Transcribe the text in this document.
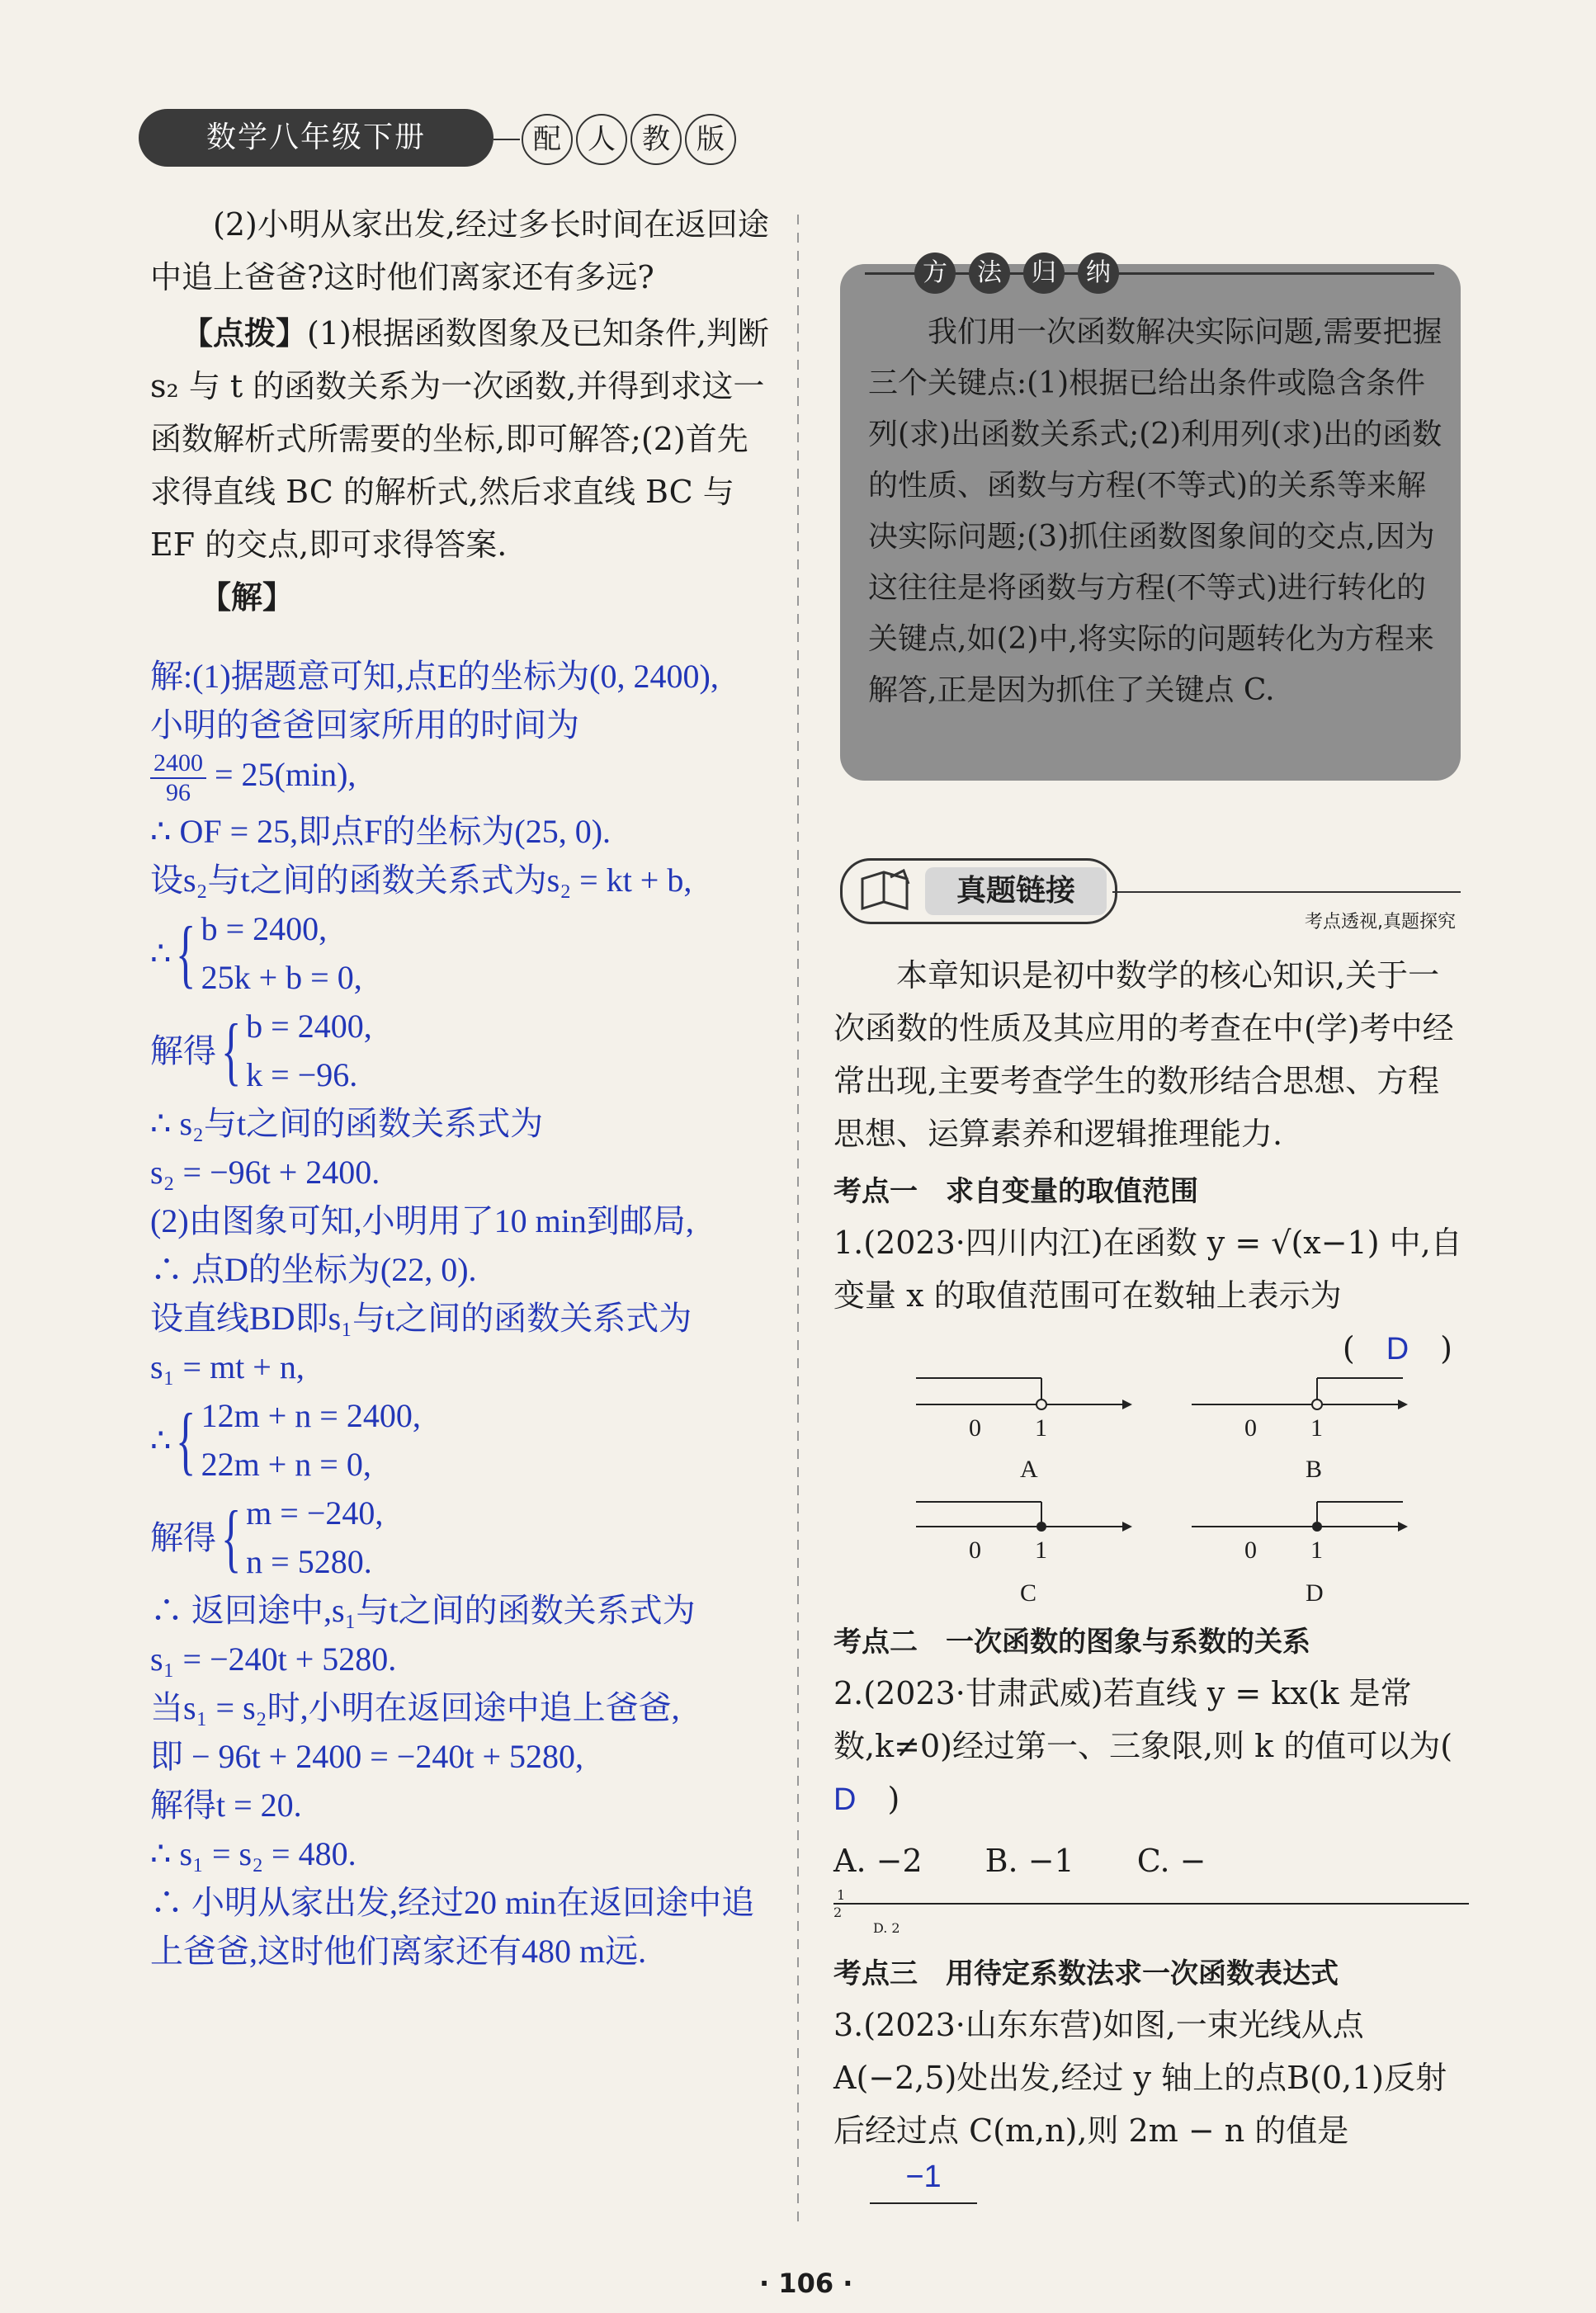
数学八年级下册	配 人 教 版

(2)小明从家出发,经过多长时间在返回途中追上爸爸?这时他们离家还有多远?

【点拨】(1)根据函数图象及已知条件,判断 s₂ 与 t 的函数关系为一次函数,并得到求这一函数解析式所需要的坐标,即可解答;(2)首先求得直线 BC 的解析式,然后求直线 BC 与 EF 的交点,即可求得答案.

【解】

解:(1)据题意可知,点E的坐标为(0, 2400),
小明的爸爸回家所用的时间为
$\frac{2400}{96} = 25(\min)$,
∴ OF = 25,即点F的坐标为(25, 0).
设s₂与t之间的函数关系式为s₂ = kt + b,
∴ { b = 2400,
25k + b = 0,
解得 { b = 2400,
k = −96.
∴ s₂与t之间的函数关系式为
s₂ = −96t + 2400.
(2)由图象可知,小明用了10 min到邮局,
∴ 点D的坐标为(22, 0).
设直线BD即s₁与t之间的函数关系式为
s₁ = mt + n,
∴ { 12m + n = 2400,
22m + n = 0,
解得 { m = −240,
n = 5280.
∴ 返回途中,s₁与t之间的函数关系式为
s₁ = −240t + 5280.
当s₁ = s₂时,小明在返回途中追上爸爸,
即 − 96t + 2400 = −240t + 5280,
解得t = 20.
∴ s₁ = s₂ = 480.
∴ 小明从家出发,经过20 min在返回途中追上爸爸,这时他们离家还有480 m远.
方	法	归	纳
我们用一次函数解决实际问题,需要把握三个关键点:(1)根据已给出条件或隐含条件列(求)出函数关系式;(2)利用列(求)出的函数的性质、函数与方程(不等式)的关系等来解决实际问题;(3)抓住函数图象间的交点,因为这往往是将函数与方程(不等式)进行转化的关键点,如(2)中,将实际的问题转化为方程来解答,正是因为抓住了关键点 C.
真题链接
考点透视,真题探究

本章知识是初中数学的核心知识,关于一次函数的性质及其应用的考查在中(学)考中经常出现,主要考查学生的数形结合思想、方程思想、运算素养和逻辑推理能力.

考点一　求自变量的取值范围

1.(2023·四川内江)在函数 y = √(x−1) 中,自变量 x 的取值范围可在数轴上表示为

(　D　)

0 1
A
0 1
B
0 1
C
0 1
D

考点二　一次函数的图象与系数的关系

2.(2023·甘肃武威)若直线 y = kx(k 是常数,k≠0)经过第一、三象限,则 k 的值可以为(　D　)

A. −2　　B. −1　　C. −

1
2
D. 2

考点三　用待定系数法求一次函数表达式

3.(2023·山东东营)如图,一束光线从点 A(−2,5)处出发,经过 y 轴上的点B(0,1)反射后经过点 C(m,n),则 2m − n 的值是

−1
· 106 ·
